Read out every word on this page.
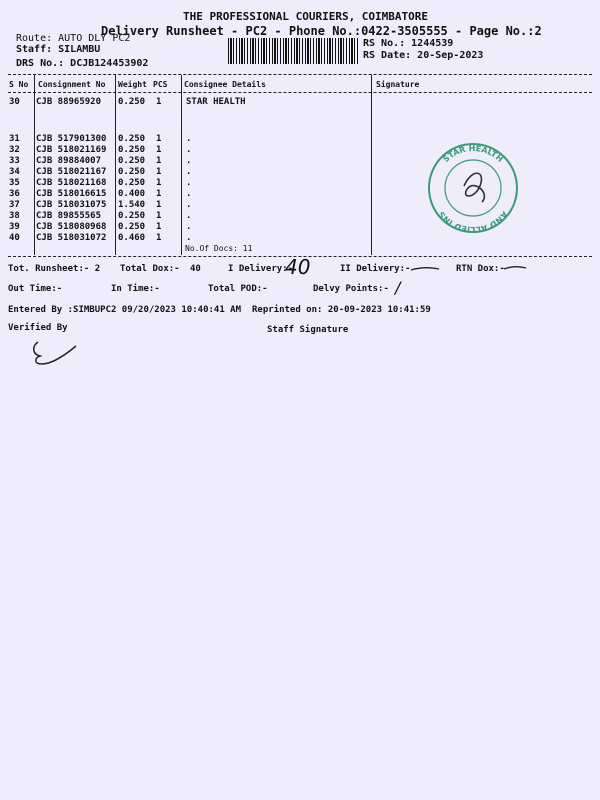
THE PROFESSIONAL COURIERS, COIMBATORE
Delivery Runsheet - PC2 - Phone No.:0422-3505555 - Page No.:2
Route: AUTO DLY PC2
Staff: SILAMBU
DRS No.: DCJB124453902
RS No.: 1244539
RS Date: 20-Sep-2023
S No Consignment No Weight PCS Consignee Details	Signature
30 CJB 88965920 0.250 1	STAR HEALTH
31 CJB 517901300 0.250 1	.
32 CJB 518021169 0.250 1	.
33 CJB 89884007 0.250 1	.
34 CJB 518021167 0.250 1	.
35 CJB 518021168 0.250 1	.
36 CJB 518016615 0.400 1	.
37 CJB 518031075 1.540 1	.
38 CJB 89855565 0.250 1	.
39 CJB 518080968 0.250 1	.
40 CJB 518031072 0.460 1	.
No.Of Docs: 11
STAR HEALTH
AND ALLIED INS
Tot. Runsheet:- 2 Total Dox:- 40	I Delivery:-
40	II Delivery:-	RTN Dox:-
Out Time:-	In Time:-	Total POD:-	Delvy Points:- /
Entered By :SIMBUPC2 09/20/2023 10:40:41 AM Reprinted on: 20-09-2023 10:41:59
Verified By	Staff Signature
